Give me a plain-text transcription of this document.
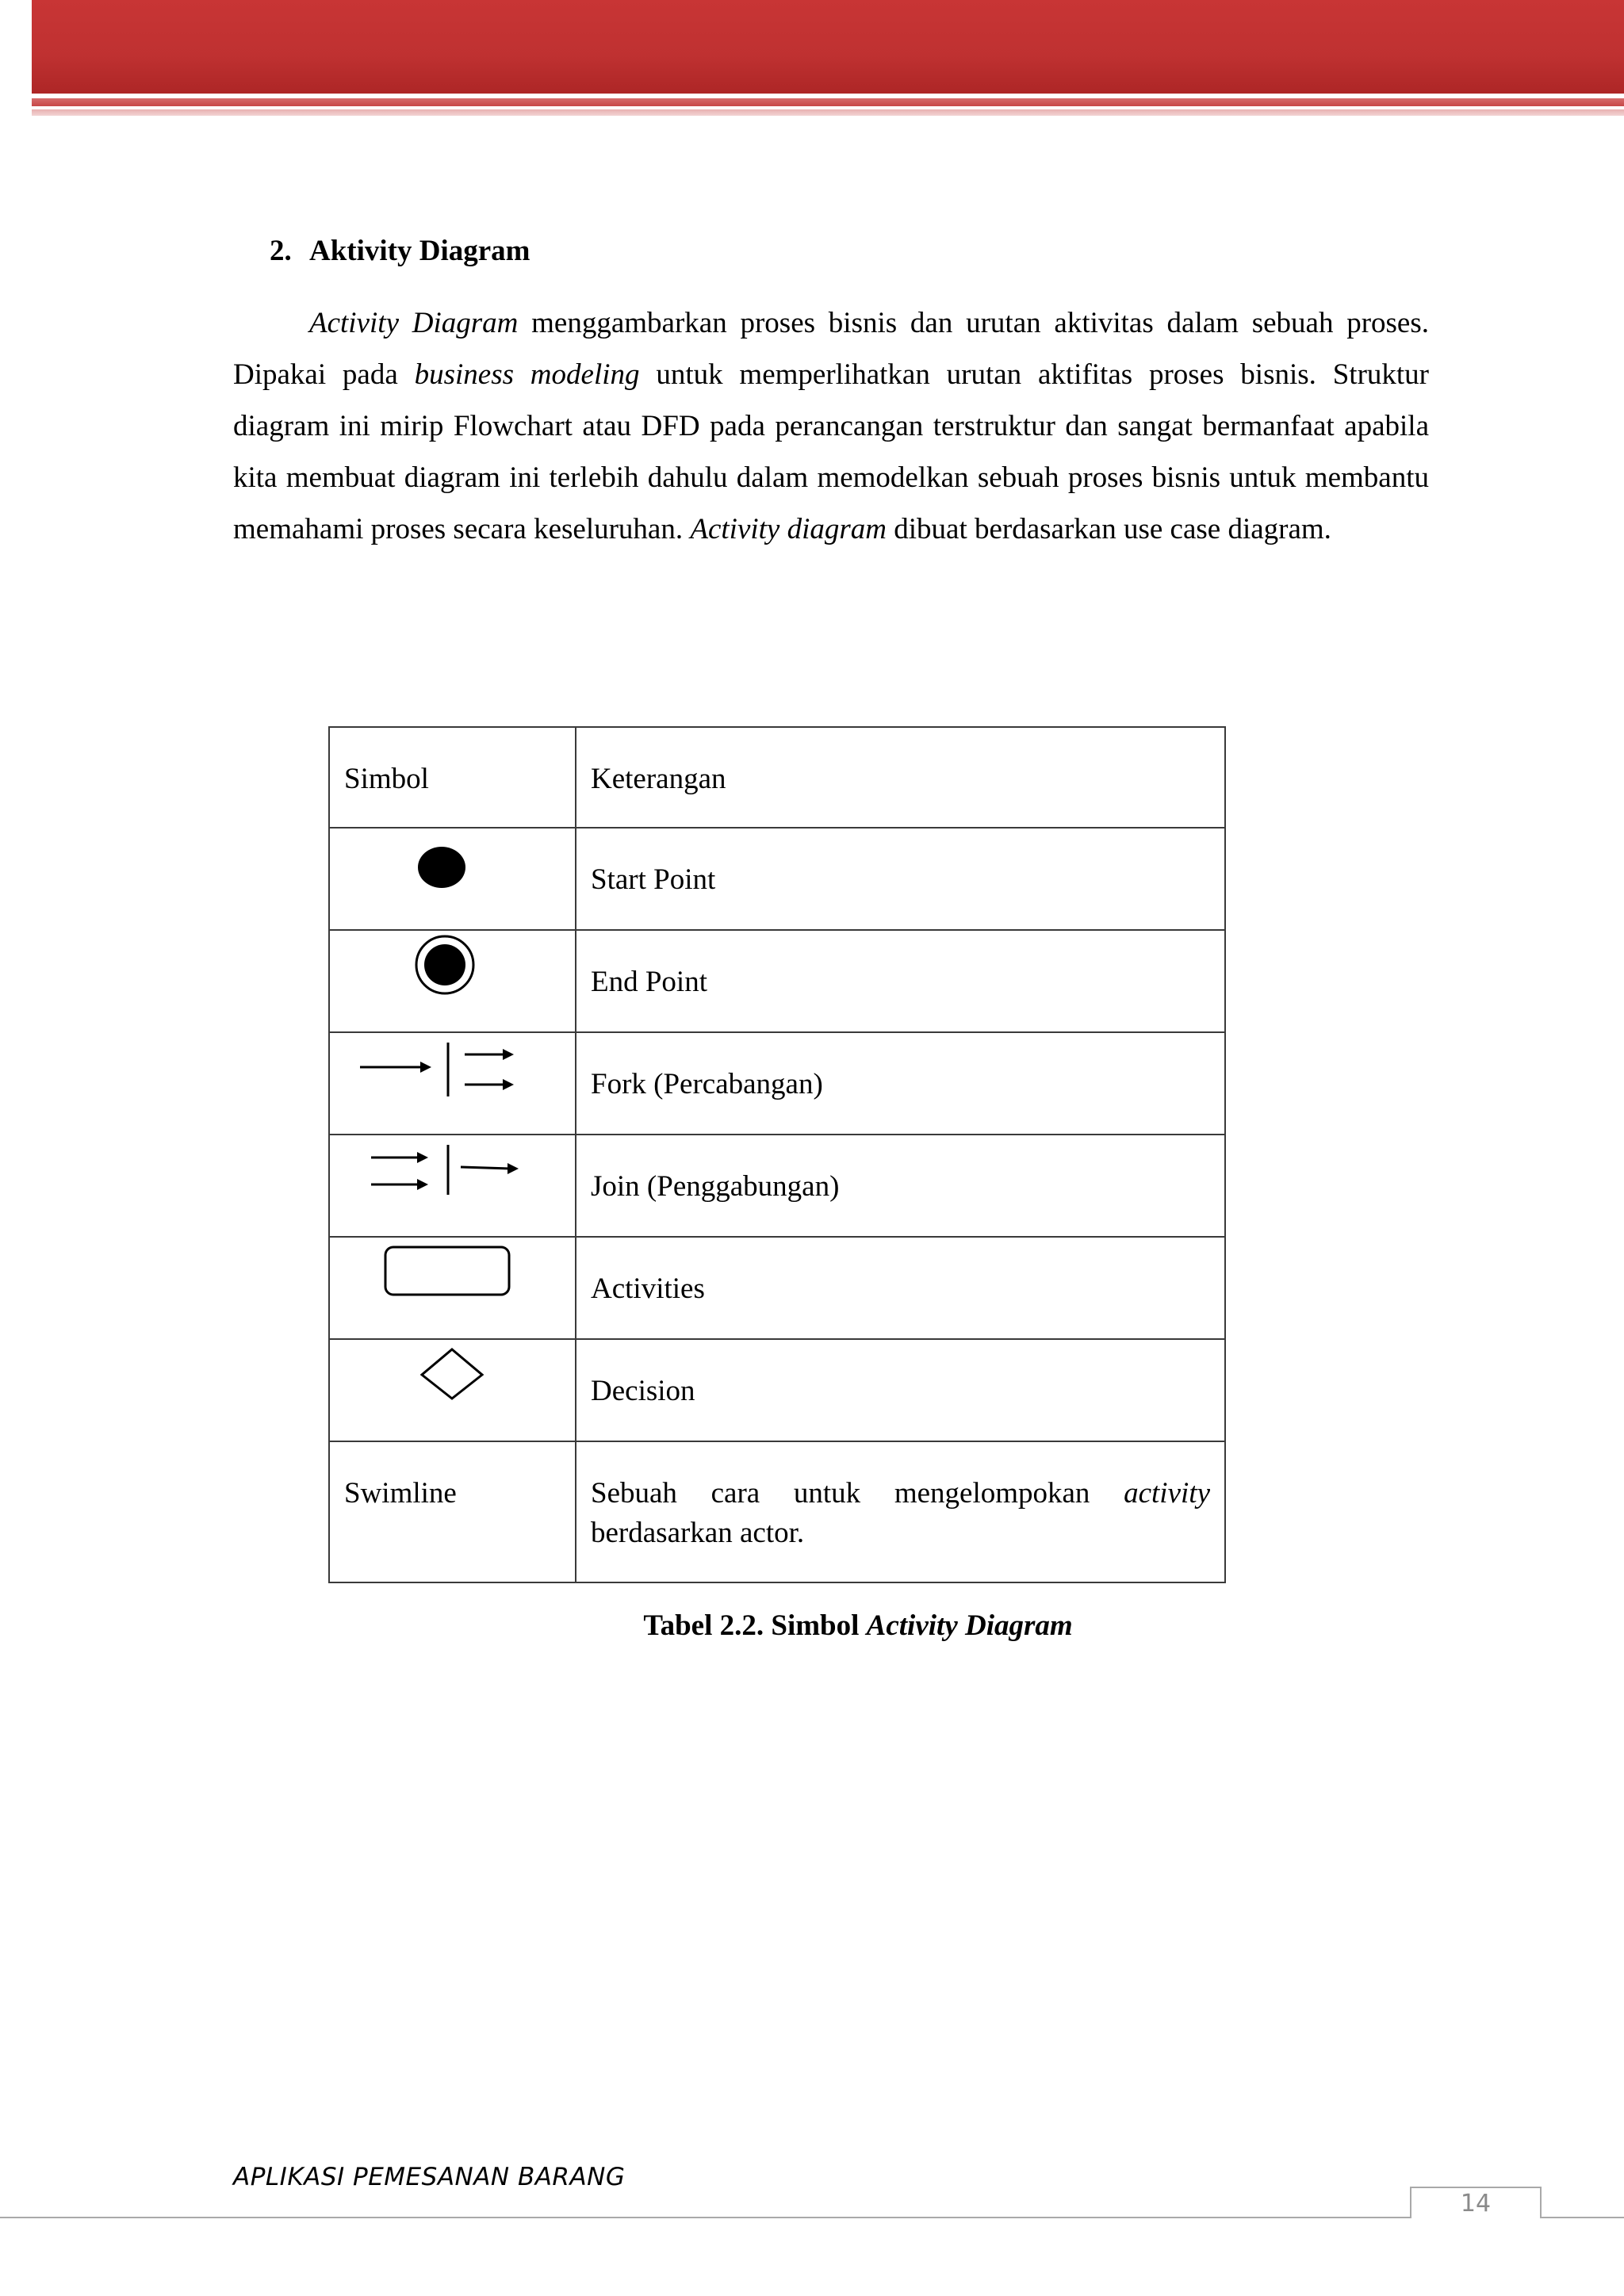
2. Aktivity Diagram

Activity Diagram menggambarkan proses bisnis dan urutan aktivitas dalam sebuah proses. Dipakai pada business modeling untuk memperlihatkan urutan aktifitas proses bisnis. Struktur diagram ini mirip Flowchart atau DFD pada perancangan terstruktur dan sangat bermanfaat apabila kita membuat diagram ini terlebih dahulu dalam memodelkan sebuah proses bisnis untuk membantu memahami proses secara keseluruhan. Activity diagram dibuat berdasarkan use case diagram.

Simbol	Keterangan

Start Point

End Point

Fork (Percabangan)

Join (Penggabungan)

Activities

Decision

Swimline	Sebuah cara untuk mengelompokan activity berdasarkan actor.

Tabel 2.2. Simbol Activity Diagram

APLIKASI PEMESANAN BARANG

14
